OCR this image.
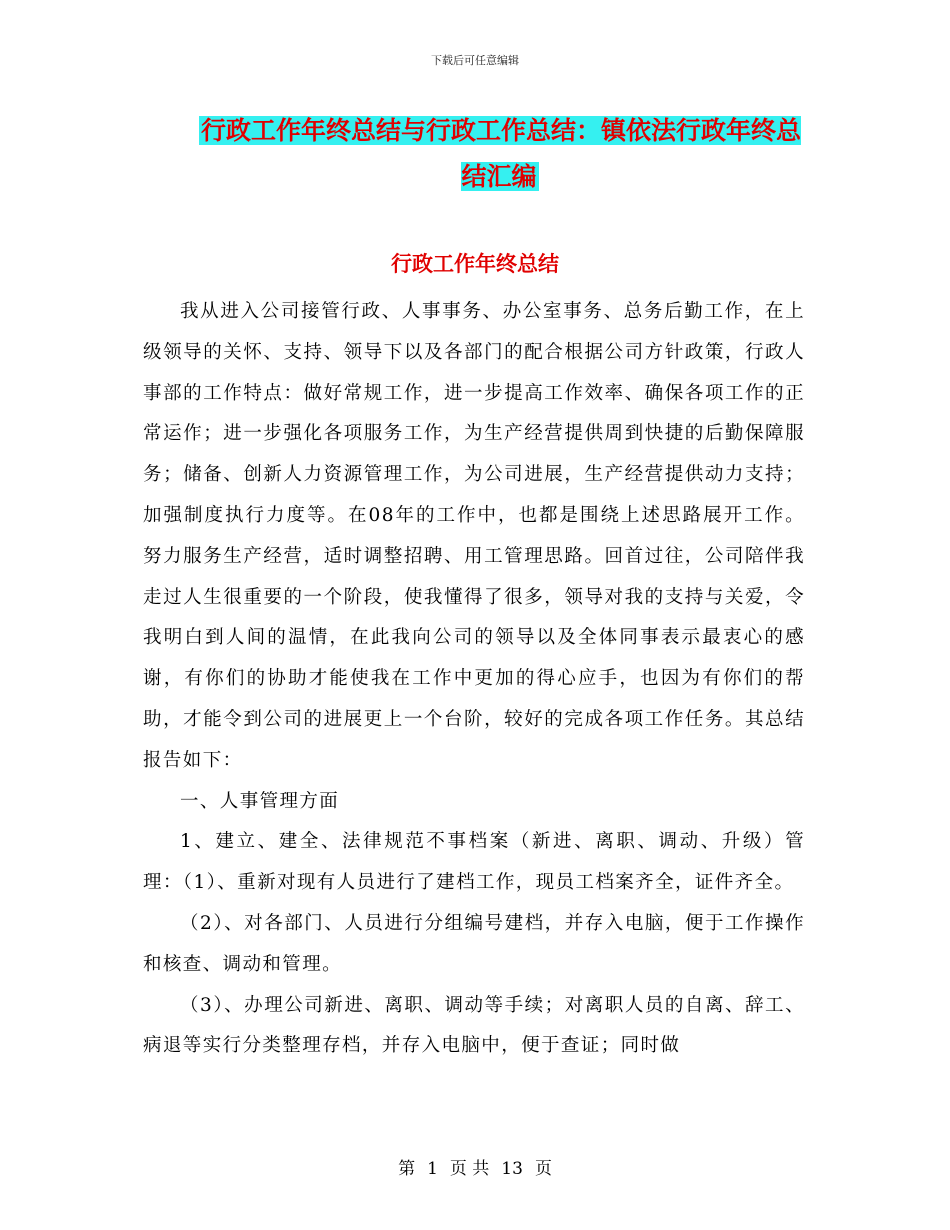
下载后可任意编辑
行政工作年终总结与行政工作总结：镇依法行政年终总结汇编
行政工作年终总结

我从进入公司接管行政、人事事务、办公室事务、总务后勤工作，在上级领导的关怀、支持、领导下以及各部门的配合根据公司方针政策，行政人事部的工作特点：做好常规工作，进一步提高工作效率、确保各项工作的正常运作；进一步强化各项服务工作，为生产经营提供周到快捷的后勤保障服务；储备、创新人力资源管理工作，为公司进展，生产经营提供动力支持；加强制度执行力度等。在08年的工作中，也都是围绕上述思路展开工作。努力服务生产经营，适时调整招聘、用工管理思路。回首过往，公司陪伴我走过人生很重要的一个阶段，使我懂得了很多，领导对我的支持与关爱，令我明白到人间的温情，在此我向公司的领导以及全体同事表示最衷心的感谢，有你们的协助才能使我在工作中更加的得心应手，也因为有你们的帮助，才能令到公司的进展更上一个台阶，较好的完成各项工作任务。其总结报告如下：

一、人事管理方面

1、建立、建全、法律规范不事档案（新进、离职、调动、升级）管理：（1）、重新对现有人员进行了建档工作，现员工档案齐全，证件齐全。

（2）、对各部门、人员进行分组编号建档，并存入电脑，便于工作操作和核查、调动和管理。

（3）、办理公司新进、离职、调动等手续；对离职人员的自离、辞工、病退等实行分类整理存档，并存入电脑中，便于查证；同时做

第 1 页 共 13 页
